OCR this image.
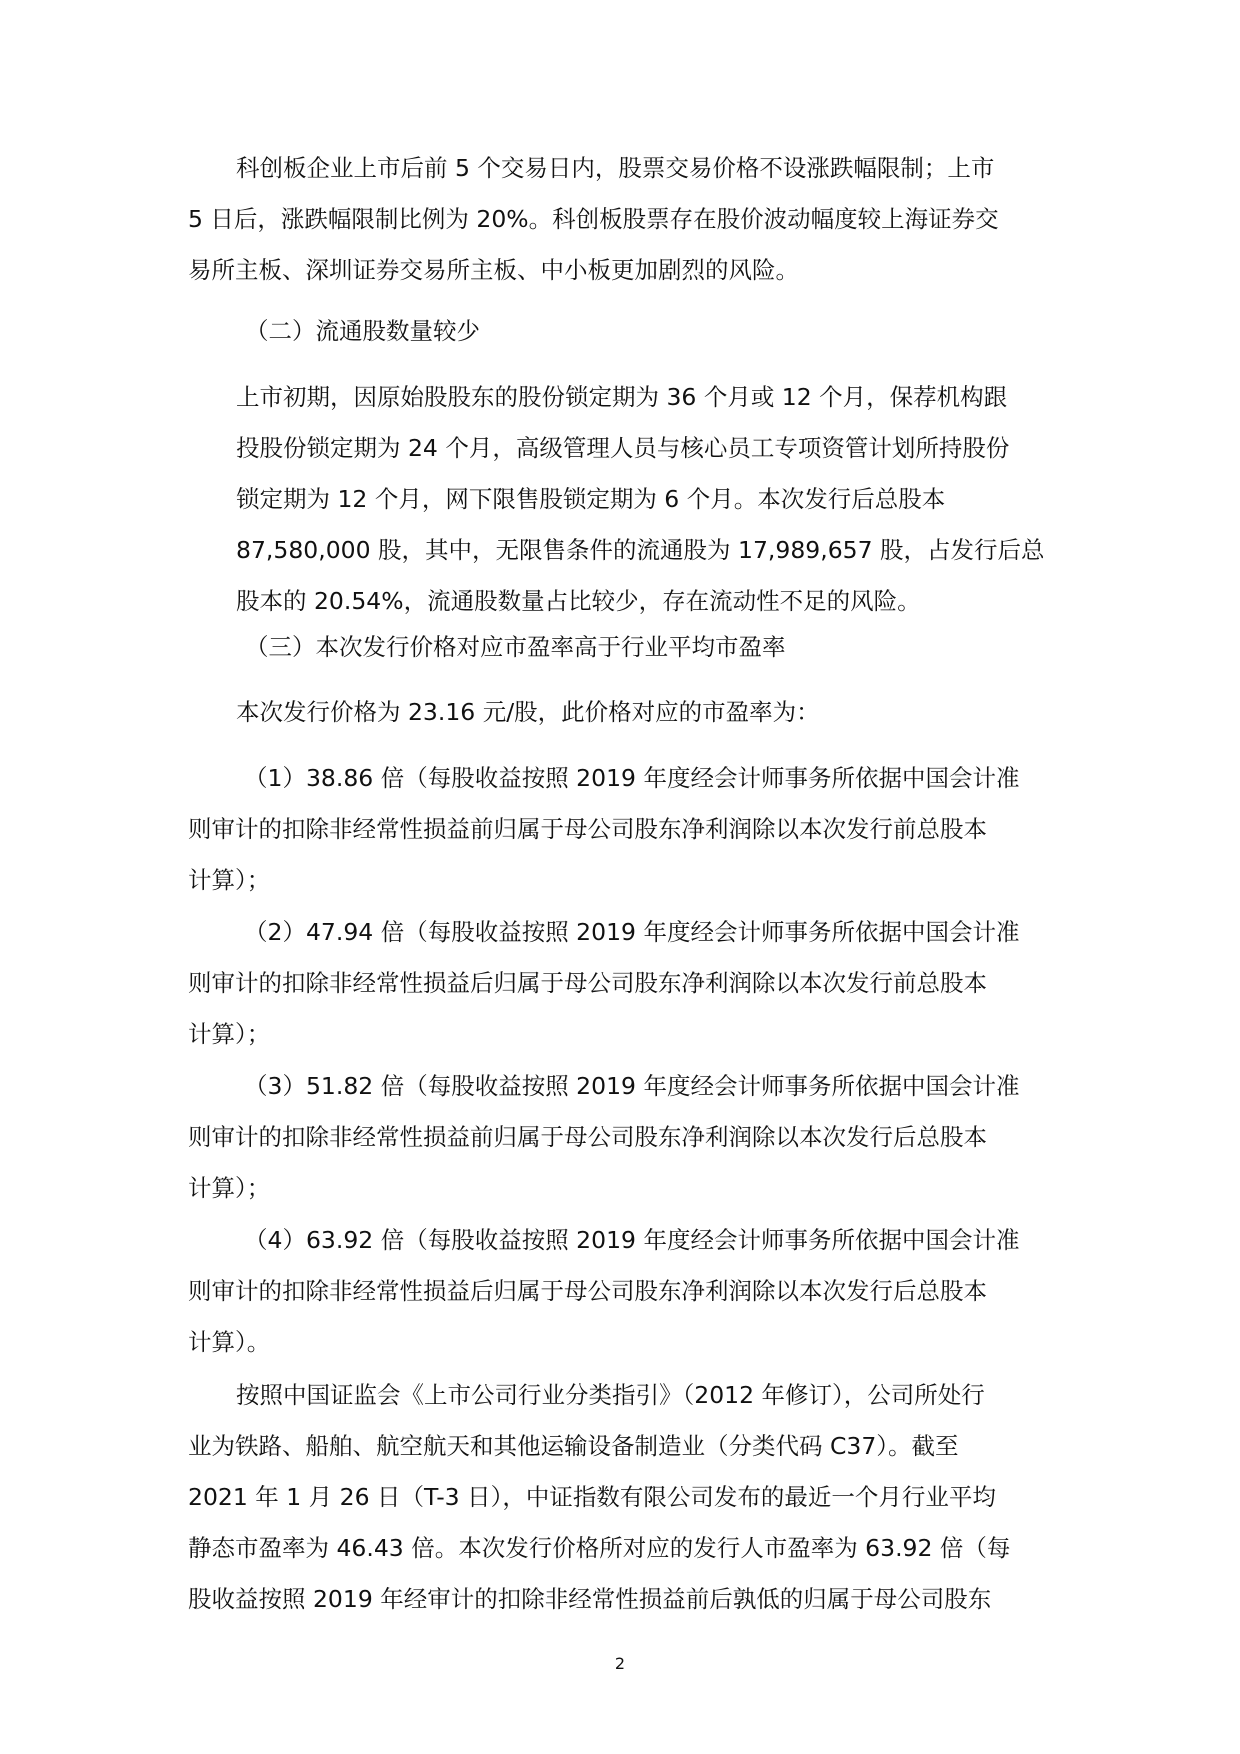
科创板企业上市后前 5 个交易日内，股票交易价格不设涨跌幅限制；上市
5 日后，涨跌幅限制比例为 20%。科创板股票存在股价波动幅度较上海证券交
易所主板、深圳证券交易所主板、中小板更加剧烈的风险。
（二）流通股数量较少
上市初期，因原始股股东的股份锁定期为 36 个月或 12 个月，保荐机构跟
投股份锁定期为 24 个月，高级管理人员与核心员工专项资管计划所持股份
锁定期为 12 个月，网下限售股锁定期为 6 个月。本次发行后总股本
87,580,000 股，其中，无限售条件的流通股为 17,989,657 股，占发行后总
股本的 20.54%，流通股数量占比较少，存在流动性不足的风险。
（三）本次发行价格对应市盈率高于行业平均市盈率
本次发行价格为 23.16 元/股，此价格对应的市盈率为：
（1）38.86 倍（每股收益按照 2019 年度经会计师事务所依据中国会计准
则审计的扣除非经常性损益前归属于母公司股东净利润除以本次发行前总股本
计算）；
（2）47.94 倍（每股收益按照 2019 年度经会计师事务所依据中国会计准
则审计的扣除非经常性损益后归属于母公司股东净利润除以本次发行前总股本
计算）；
（3）51.82 倍（每股收益按照 2019 年度经会计师事务所依据中国会计准
则审计的扣除非经常性损益前归属于母公司股东净利润除以本次发行后总股本
计算）；
（4）63.92 倍（每股收益按照 2019 年度经会计师事务所依据中国会计准
则审计的扣除非经常性损益后归属于母公司股东净利润除以本次发行后总股本
计算）。
按照中国证监会《上市公司行业分类指引》（2012 年修订），公司所处行
业为铁路、船舶、航空航天和其他运输设备制造业（分类代码 C37）。截至
2021 年 1 月 26 日（T-3 日），中证指数有限公司发布的最近一个月行业平均
静态市盈率为 46.43 倍。本次发行价格所对应的发行人市盈率为 63.92 倍（每
股收益按照 2019 年经审计的扣除非经常性损益前后孰低的归属于母公司股东
2
